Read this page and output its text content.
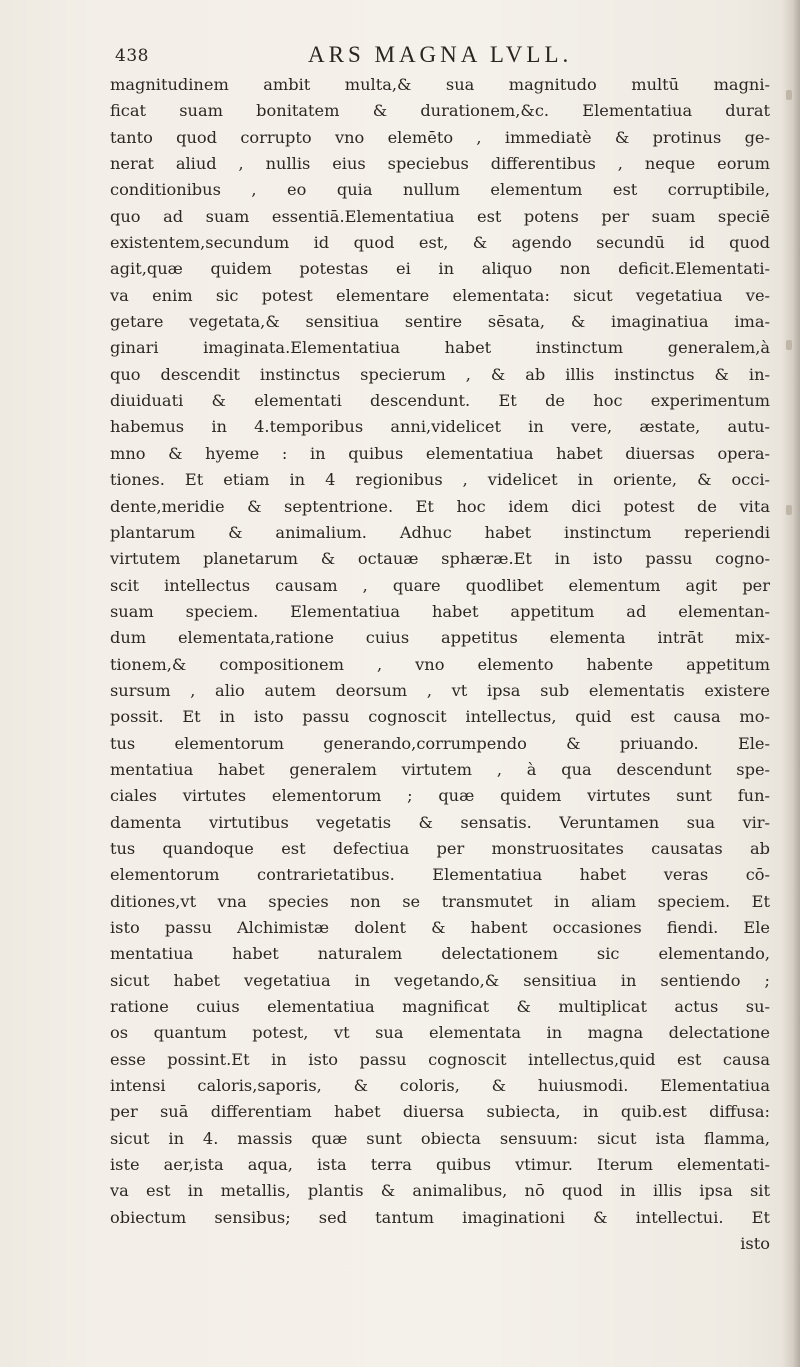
438	ARS MAGNA LVLL.
magnitudinem ambit multa,& sua magnitudo multū magni-
ficat suam bonitatem & durationem,&c. Elementatiua durat
tanto quod corrupto vno elemēto , immediatè & protinus ge-
nerat aliud , nullis eius speciebus differentibus , neque eorum
conditionibus , eo quia nullum elementum est corruptibile,
quo ad suam essentiā.Elementatiua est potens per suam speciē
existentem,secundum id quod est, & agendo secundū id quod
agit,quæ quidem potestas ei in aliquo non deficit.Elementati-
va enim sic potest elementare elementata: sicut vegetatiua ve-
getare vegetata,& sensitiua sentire sēsata, & imaginatiua ima-
ginari imaginata.Elementatiua habet instinctum generalem,à
quo descendit instinctus specierum , & ab illis instinctus & in-
diuiduati & elementati descendunt. Et de hoc experimentum
habemus in 4.temporibus anni,videlicet in vere, æstate, autu-
mno & hyeme : in quibus elementatiua habet diuersas opera-
tiones. Et etiam in 4 regionibus , videlicet in oriente, & occi-
dente,meridie & septentrione. Et hoc idem dici potest de vita
plantarum & animalium. Adhuc habet instinctum reperiendi
virtutem planetarum & octauæ sphæræ.Et in isto passu cogno-
scit intellectus causam , quare quodlibet elementum agit per
suam speciem. Elementatiua habet appetitum ad elementan-
dum elementata,ratione cuius appetitus elementa intrāt mix-
tionem,& compositionem , vno elemento habente appetitum
sursum , alio autem deorsum , vt ipsa sub elementatis existere
possit. Et in isto passu cognoscit intellectus, quid est causa mo-
tus elementorum generando,corrumpendo & priuando. Ele-
mentatiua habet generalem virtutem , à qua descendunt spe-
ciales virtutes elementorum ; quæ quidem virtutes sunt fun-
damenta virtutibus vegetatis & sensatis. Veruntamen sua vir-
tus quandoque est defectiua per monstruositates causatas ab
elementorum contrarietatibus. Elementatiua habet veras cō-
ditiones,vt vna species non se transmutet in aliam speciem. Et
isto passu Alchimistæ dolent & habent occasiones fiendi. Ele
mentatiua habet naturalem delectationem sic elementando,
sicut habet vegetatiua in vegetando,& sensitiua in sentiendo ;
ratione cuius elementatiua magnificat & multiplicat actus su-
os quantum potest, vt sua elementata in magna delectatione
esse possint.Et in isto passu cognoscit intellectus,quid est causa
intensi caloris,saporis, & coloris, & huiusmodi. Elementatiua
per suā differentiam habet diuersa subiecta, in quib.est diffusa:
sicut in 4. massis quæ sunt obiecta sensuum: sicut ista flamma,
iste aer,ista aqua, ista terra quibus vtimur. Iterum elementati-
va est in metallis, plantis & animalibus, nō quod in illis ipsa sit
obiectum sensibus; sed tantum imaginationi & intellectui. Et
isto
